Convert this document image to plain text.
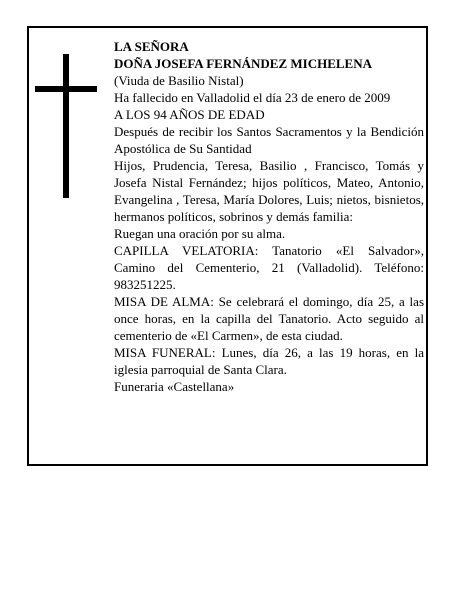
LA SEÑORA
DOÑA JOSEFA FERNÁNDEZ MICHELENA
(Viuda de Basilio Nistal)
Ha fallecido en Valladolid el día 23 de enero de 2009
A LOS 94 AÑOS DE EDAD
Después de recibir los Santos Sacramentos y la Bendición Apostólica de Su Santidad
Hijos, Prudencia, Teresa, Basilio , Francisco, Tomás y Josefa Nistal Fernández; hijos políticos, Mateo, Antonio, Evangelina , Teresa, María Dolores, Luis; nietos, bisnietos, hermanos políticos, sobrinos y demás familia:
Ruegan una oración por su alma.
CAPILLA VELATORIA: Tanatorio «El Salvador», Camino del Cementerio, 21 (Valladolid). Teléfono: 983251225.
MISA DE ALMA: Se celebrará el domingo, día 25, a las once horas, en la capilla del Tanatorio. Acto seguido al cementerio de «El Carmen», de esta ciudad.
MISA FUNERAL: Lunes, día 26, a las 19 horas, en la iglesia parroquial de Santa Clara.
Funeraria «Castellana»
